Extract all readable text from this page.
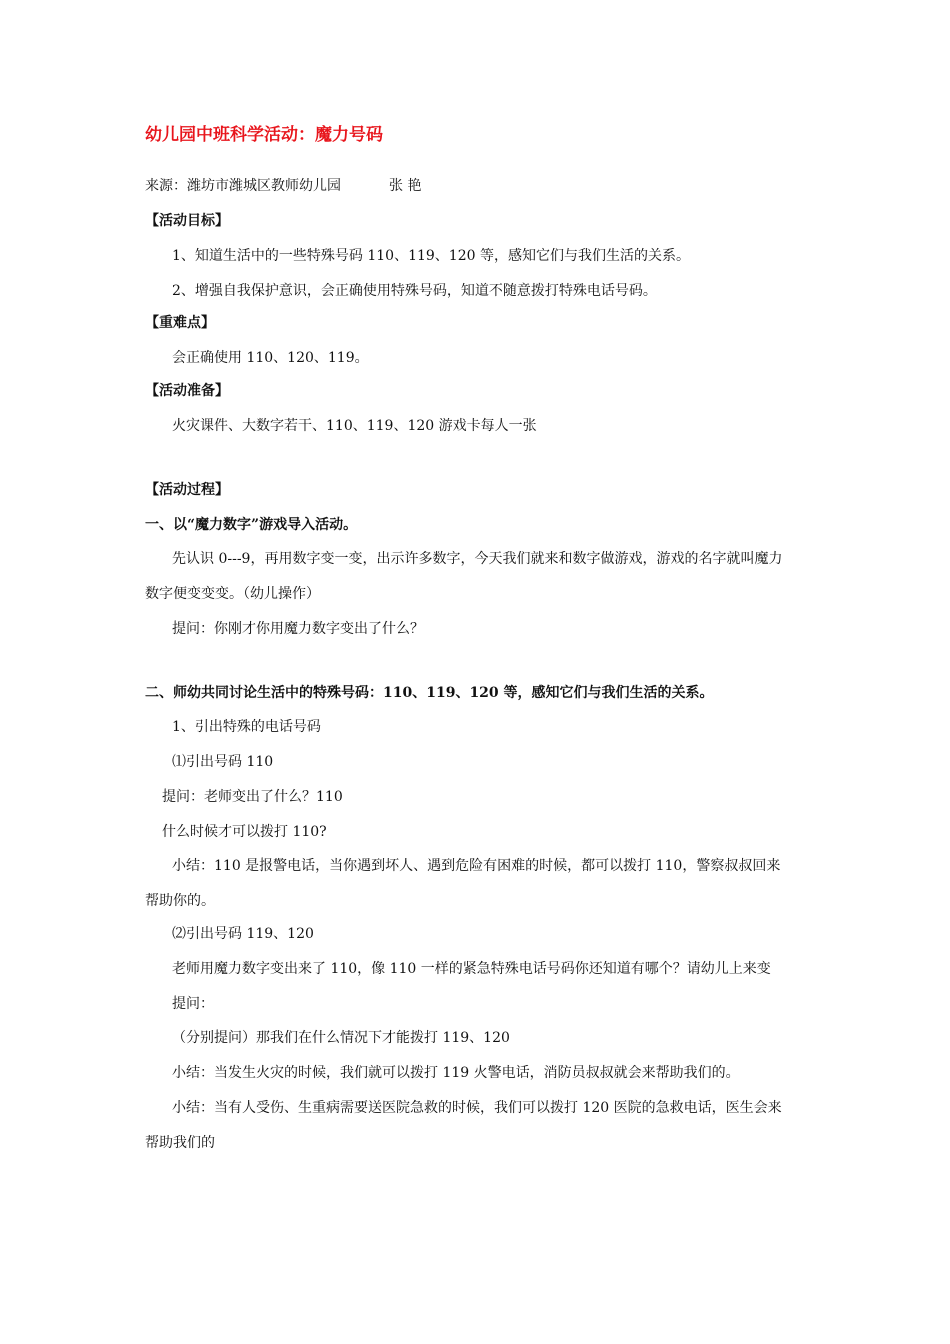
幼儿园中班科学活动：魔力号码
来源：潍坊市潍城区教师幼儿园	张 艳
【活动目标】
1、知道生活中的一些特殊号码 110、119、120 等，感知它们与我们生活的关系。
2、增强自我保护意识，会正确使用特殊号码，知道不随意拨打特殊电话号码。
【重难点】
会正确使用 110、120、119。
【活动准备】
火灾课件、大数字若干、110、119、120 游戏卡每人一张
【活动过程】
一、以“魔力数字”游戏导入活动。
先认识 0---9，再用数字变一变，出示许多数字，今天我们就来和数字做游戏，游戏的名字就叫魔力
数字便变变变。（幼儿操作）
提问：你刚才你用魔力数字变出了什么？
二、师幼共同讨论生活中的特殊号码：110、119、120 等，感知它们与我们生活的关系。
1、引出特殊的电话号码
⑴引出号码 110
提问：老师变出了什么？110
什么时候才可以拨打 110?
小结：110 是报警电话，当你遇到坏人、遇到危险有困难的时候，都可以拨打 110，警察叔叔回来
帮助你的。
⑵引出号码 119、120
老师用魔力数字变出来了 110，像 110 一样的紧急特殊电话号码你还知道有哪个？请幼儿上来变
提问：
（分别提问）那我们在什么情况下才能拨打 119、120
小结：当发生火灾的时候，我们就可以拨打 119 火警电话，消防员叔叔就会来帮助我们的。
小结：当有人受伤、生重病需要送医院急救的时候，我们可以拨打 120 医院的急救电话，医生会来
帮助我们的
